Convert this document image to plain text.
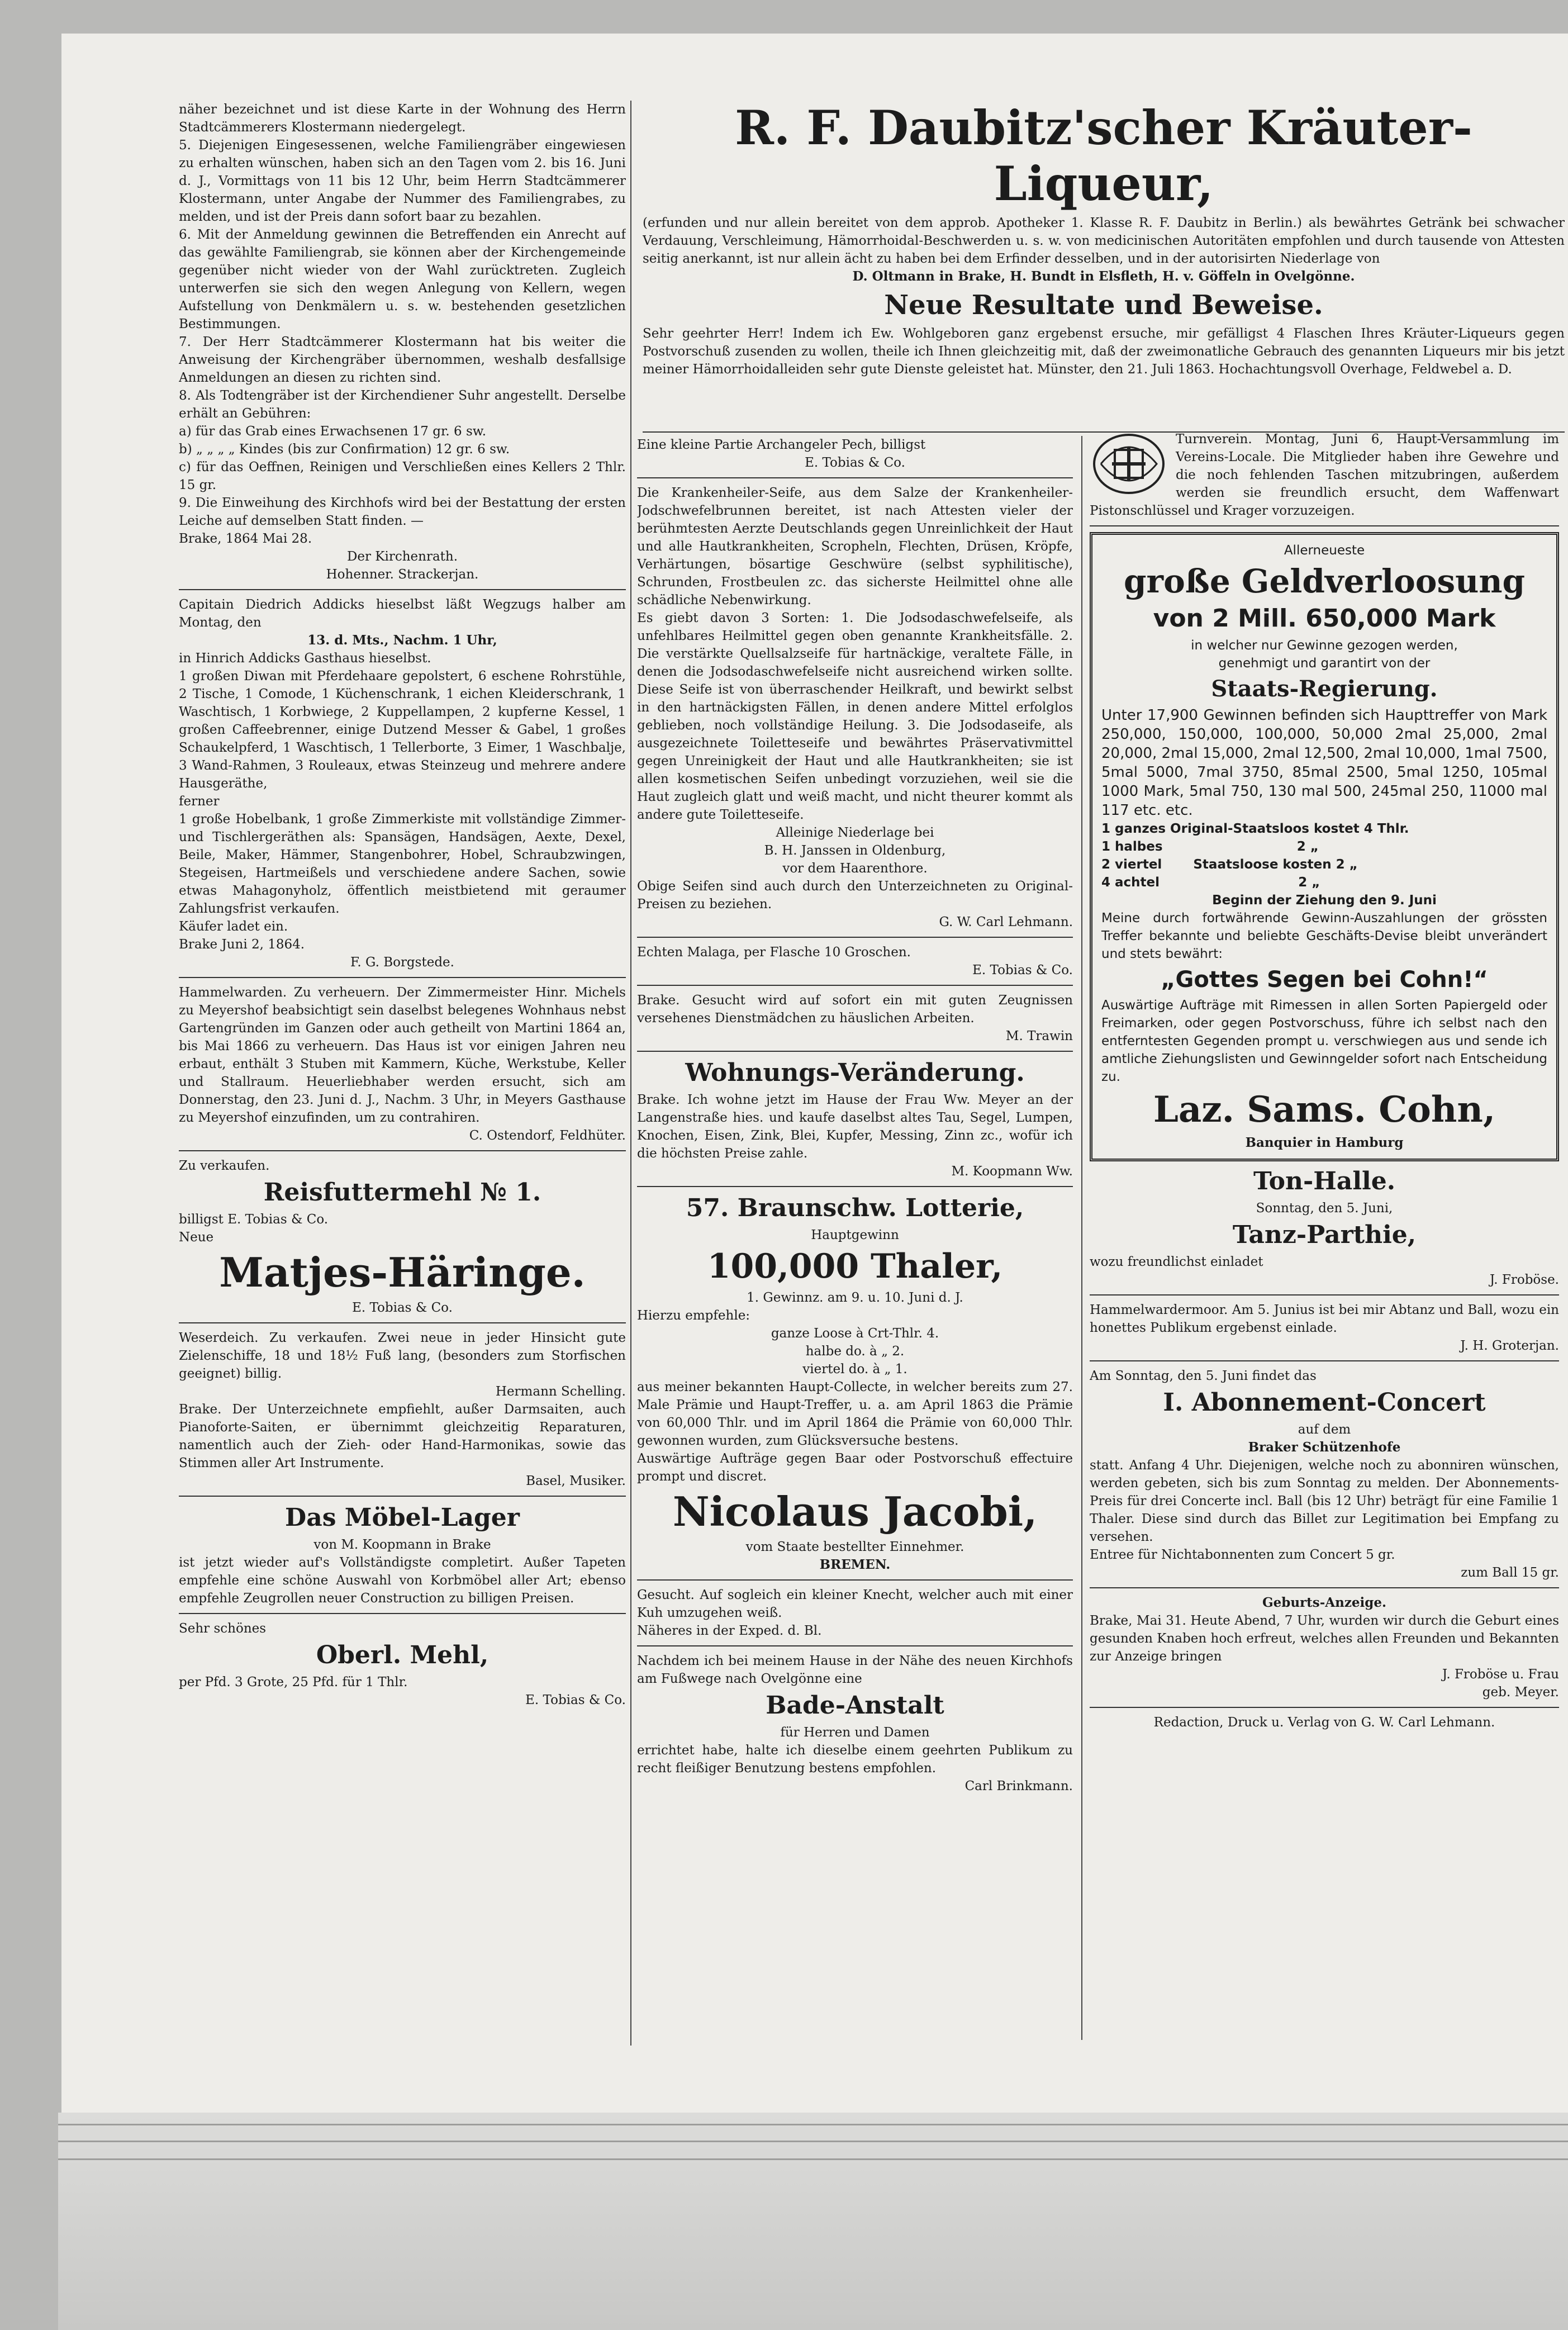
näher bezeichnet und ist diese Karte in der Wohnung des Herrn Stadtcämmerers Klostermann niedergelegt.

5. Diejenigen Eingesessenen, welche Familiengräber eingewiesen zu erhalten wünschen, haben sich an den Tagen vom 2. bis 16. Juni d. J., Vormittags von 11 bis 12 Uhr, beim Herrn Stadtcämmerer Klostermann, unter Angabe der Nummer des Familiengrabes, zu melden, und ist der Preis dann sofort baar zu bezahlen.

6. Mit der Anmeldung gewinnen die Betreffenden ein Anrecht auf das gewählte Familiengrab, sie können aber der Kirchengemeinde gegenüber nicht wieder von der Wahl zurücktreten. Zugleich unterwerfen sie sich den wegen Anlegung von Kellern, wegen Aufstellung von Denkmälern u. s. w. bestehenden gesetzlichen Bestimmungen.

7. Der Herr Stadtcämmerer Klostermann hat bis weiter die Anweisung der Kirchengräber übernommen, weshalb desfallsige Anmeldungen an diesen zu richten sind.

8. Als Todtengräber ist der Kirchendiener Suhr angestellt. Derselbe erhält an Gebühren:

a) für das Grab eines Erwachsenen 17 gr. 6 sw.

b) „ „ „ „ Kindes (bis zur Confirmation) 12 gr. 6 sw.

c) für das Oeffnen, Reinigen und Verschließen eines Kellers 2 Thlr. 15 gr.

9. Die Einweihung des Kirchhofs wird bei der Bestattung der ersten Leiche auf demselben Statt finden. —

Brake, 1864 Mai 28.

Der Kirchenrath.

Hohenner. Strackerjan.

Capitain Diedrich Addicks hieselbst läßt Wegzugs halber am Montag, den

13. d. Mts., Nachm. 1 Uhr,

in Hinrich Addicks Gasthaus hieselbst.

1 großen Diwan mit Pferdehaare gepolstert, 6 eschene Rohrstühle, 2 Tische, 1 Comode, 1 Küchenschrank, 1 eichen Kleiderschrank, 1 Waschtisch, 1 Korbwiege, 2 Kuppellampen, 2 kupferne Kessel, 1 großen Caffeebrenner, einige Dutzend Messer & Gabel, 1 großes Schaukelpferd, 1 Waschtisch, 1 Tellerborte, 3 Eimer, 1 Waschbalje, 3 Wand-Rahmen, 3 Rouleaux, etwas Steinzeug und mehrere andere Hausgeräthe,

ferner

1 große Hobelbank, 1 große Zimmerkiste mit vollständige Zimmer- und Tischlergeräthen als: Spansägen, Handsägen, Aexte, Dexel, Beile, Maker, Hämmer, Stangenbohrer, Hobel, Schraubzwingen, Stegeisen, Hartmeißels und verschiedene andere Sachen, sowie etwas Mahagonyholz, öffentlich meistbietend mit geraumer Zahlungsfrist verkaufen.

Käufer ladet ein.

Brake Juni 2, 1864.

F. G. Borgstede.

Hammelwarden. Zu verheuern. Der Zimmermeister Hinr. Michels zu Meyershof beabsichtigt sein daselbst belegenes Wohnhaus nebst Gartengründen im Ganzen oder auch getheilt von Martini 1864 an, bis Mai 1866 zu verheuern. Das Haus ist vor einigen Jahren neu erbaut, enthält 3 Stuben mit Kammern, Küche, Werkstube, Keller und Stallraum. Heuerliebhaber werden ersucht, sich am Donnerstag, den 23. Juni d. J., Nachm. 3 Uhr, in Meyers Gasthause zu Meyershof einzufinden, um zu contrahiren.

C. Ostendorf, Feldhüter.

Zu verkaufen.

Reisfuttermehl № 1.

billigst E. Tobias & Co.

Neue

Matjes-Häringe.

E. Tobias & Co.

Weserdeich. Zu verkaufen. Zwei neue in jeder Hinsicht gute Zielenschiffe, 18 und 18½ Fuß lang, (besonders zum Storfischen geeignet) billig.

Hermann Schelling.

Brake. Der Unterzeichnete empfiehlt, außer Darmsaiten, auch Pianoforte-Saiten, er übernimmt gleichzeitig Reparaturen, namentlich auch der Zieh- oder Hand-Harmonikas, sowie das Stimmen aller Art Instrumente.

Basel, Musiker.

Das Möbel-Lager

von M. Koopmann in Brake

ist jetzt wieder auf's Vollständigste completirt. Außer Tapeten empfehle eine schöne Auswahl von Korbmöbel aller Art; ebenso empfehle Zeugrollen neuer Construction zu billigen Preisen.

Sehr schönes

Oberl. Mehl,

per Pfd. 3 Grote, 25 Pfd. für 1 Thlr.

E. Tobias & Co.

R. F. Daubitz'scher Kräuter-Liqueur,

(erfunden und nur allein bereitet von dem approb. Apotheker 1. Klasse R. F. Daubitz in Berlin.) als bewährtes Getränk bei schwacher Verdauung, Verschleimung, Hämorrhoidal-Beschwerden u. s. w. von medicinischen Autoritäten empfohlen und durch tausende von Attesten seitig anerkannt, ist nur allein ächt zu haben bei dem Erfinder desselben, und in der autorisirten Niederlage von

D. Oltmann in Brake, H. Bundt in Elsfleth, H. v. Göffeln in Ovelgönne.

Neue Resultate und Beweise.

Sehr geehrter Herr! Indem ich Ew. Wohlgeboren ganz ergebenst ersuche, mir gefälligst 4 Flaschen Ihres Kräuter-Liqueurs gegen Postvorschuß zusenden zu wollen, theile ich Ihnen gleichzeitig mit, daß der zweimonatliche Gebrauch des genannten Liqueurs mir bis jetzt meiner Hämorrhoidalleiden sehr gute Dienste geleistet hat. Münster, den 21. Juli 1863. Hochachtungsvoll Overhage, Feldwebel a. D.

Eine kleine Partie Archangeler Pech, billigst

E. Tobias & Co.

Die Krankenheiler-Seife, aus dem Salze der Krankenheiler-Jodschwefelbrunnen bereitet, ist nach Attesten vieler der berühmtesten Aerzte Deutschlands gegen Unreinlichkeit der Haut und alle Hautkrankheiten, Scropheln, Flechten, Drüsen, Kröpfe, Verhärtungen, bösartige Geschwüre (selbst syphilitische), Schrunden, Frostbeulen zc. das sicherste Heilmittel ohne alle schädliche Nebenwirkung.

Es giebt davon 3 Sorten: 1. Die Jodsodaschwefelseife, als unfehlbares Heilmittel gegen oben genannte Krankheitsfälle. 2. Die verstärkte Quellsalzseife für hartnäckige, veraltete Fälle, in denen die Jodsodaschwefelseife nicht ausreichend wirken sollte. Diese Seife ist von überraschender Heilkraft, und bewirkt selbst in den hartnäckigsten Fällen, in denen andere Mittel erfolglos geblieben, noch vollständige Heilung. 3. Die Jodsodaseife, als ausgezeichnete Toiletteseife und bewährtes Präservativmittel gegen Unreinigkeit der Haut und alle Hautkrankheiten; sie ist allen kosmetischen Seifen unbedingt vorzuziehen, weil sie die Haut zugleich glatt und weiß macht, und nicht theurer kommt als andere gute Toiletteseife.

Alleinige Niederlage bei

B. H. Janssen in Oldenburg,

vor dem Haarenthore.

Obige Seifen sind auch durch den Unterzeichneten zu Original-Preisen zu beziehen.

G. W. Carl Lehmann.

Echten Malaga, per Flasche 10 Groschen.

E. Tobias & Co.

Brake. Gesucht wird auf sofort ein mit guten Zeugnissen versehenes Dienstmädchen zu häuslichen Arbeiten.

M. Trawin

Wohnungs-Veränderung.

Brake. Ich wohne jetzt im Hause der Frau Ww. Meyer an der Langenstraße hies. und kaufe daselbst altes Tau, Segel, Lumpen, Knochen, Eisen, Zink, Blei, Kupfer, Messing, Zinn zc., wofür ich die höchsten Preise zahle.

M. Koopmann Ww.

57. Braunschw. Lotterie,

Hauptgewinn

100,000 Thaler,

1. Gewinnz. am 9. u. 10. Juni d. J.

Hierzu empfehle:

ganze Loose à Crt-Thlr. 4.

halbe do. à „ 2.

viertel do. à „ 1.

aus meiner bekannten Haupt-Collecte, in welcher bereits zum 27. Male Prämie und Haupt-Treffer, u. a. am April 1863 die Prämie von 60,000 Thlr. und im April 1864 die Prämie von 60,000 Thlr. gewonnen wurden, zum Glücksversuche bestens.

Auswärtige Aufträge gegen Baar oder Postvorschuß effectuire prompt und discret.

Nicolaus Jacobi,

vom Staate bestellter Einnehmer.

BREMEN.

Gesucht. Auf sogleich ein kleiner Knecht, welcher auch mit einer Kuh umzugehen weiß.

Näheres in der Exped. d. Bl.

Nachdem ich bei meinem Hause in der Nähe des neuen Kirchhofs am Fußwege nach Ovelgönne eine

Bade-Anstalt

für Herren und Damen

errichtet habe, halte ich dieselbe einem geehrten Publikum zu recht fleißiger Benutzung bestens empfohlen.

Carl Brinkmann.

Turnverein. Montag, Juni 6, Haupt-Versammlung im Vereins-Locale. Die Mitglieder haben ihre Gewehre und die noch fehlenden Taschen mitzubringen, außerdem werden sie freundlich ersucht, dem Waffenwart Pistonschlüssel und Krager vorzuzeigen.

Allerneueste

große Geldverloosung
von 2 Mill. 650,000 Mark

in welcher nur Gewinne gezogen werden,

genehmigt und garantirt von der

Staats-Regierung.

Unter 17,900 Gewinnen befinden sich Haupttreffer von Mark 250,000, 150,000, 100,000, 50,000 2mal 25,000, 2mal 20,000, 2mal 15,000, 2mal 12,500, 2mal 10,000, 1mal 7500, 5mal 5000, 7mal 3750, 85mal 2500, 5mal 1250, 105mal 1000 Mark, 5mal 750, 130 mal 500, 245mal 250, 11000 mal 117 etc. etc.

1 ganzes Original-Staatsloos kostet 4 Thlr.

1 halbes                              2 „

2 viertel       Staatsloose kosten 2 „

4 achtel                               2 „

Beginn der Ziehung den 9. Juni

Meine durch fortwährende Gewinn-Auszahlungen der grössten Treffer bekannte und beliebte Geschäfts-Devise bleibt unverändert und stets bewährt:

„Gottes Segen bei Cohn!“

Auswärtige Aufträge mit Rimessen in allen Sorten Papiergeld oder Freimarken, oder gegen Postvorschuss, führe ich selbst nach den entferntesten Gegenden prompt u. verschwiegen aus und sende ich amtliche Ziehungslisten und Gewinngelder sofort nach Entscheidung zu.

Laz. Sams. Cohn,

Banquier in Hamburg

Ton-Halle.

Sonntag, den 5. Juni,

Tanz-Parthie,

wozu freundlichst einladet

J. Froböse.

Hammelwardermoor. Am 5. Junius ist bei mir Abtanz und Ball, wozu ein honettes Publikum ergebenst einlade.

J. H. Groterjan.

Am Sonntag, den 5. Juni findet das

I. Abonnement-Concert

auf dem

Braker Schützenhofe

statt. Anfang 4 Uhr. Diejenigen, welche noch zu abonniren wünschen, werden gebeten, sich bis zum Sonntag zu melden. Der Abonnements-Preis für drei Concerte incl. Ball (bis 12 Uhr) beträgt für eine Familie 1 Thaler. Diese sind durch das Billet zur Legitimation bei Empfang zu versehen.

Entree für Nichtabonnenten zum Concert 5 gr.

zum Ball 15 gr.

Geburts-Anzeige.

Brake, Mai 31. Heute Abend, 7 Uhr, wurden wir durch die Geburt eines gesunden Knaben hoch erfreut, welches allen Freunden und Bekannten zur Anzeige bringen

J. Froböse u. Frau

geb. Meyer.

Redaction, Druck u. Verlag von G. W. Carl Lehmann.
